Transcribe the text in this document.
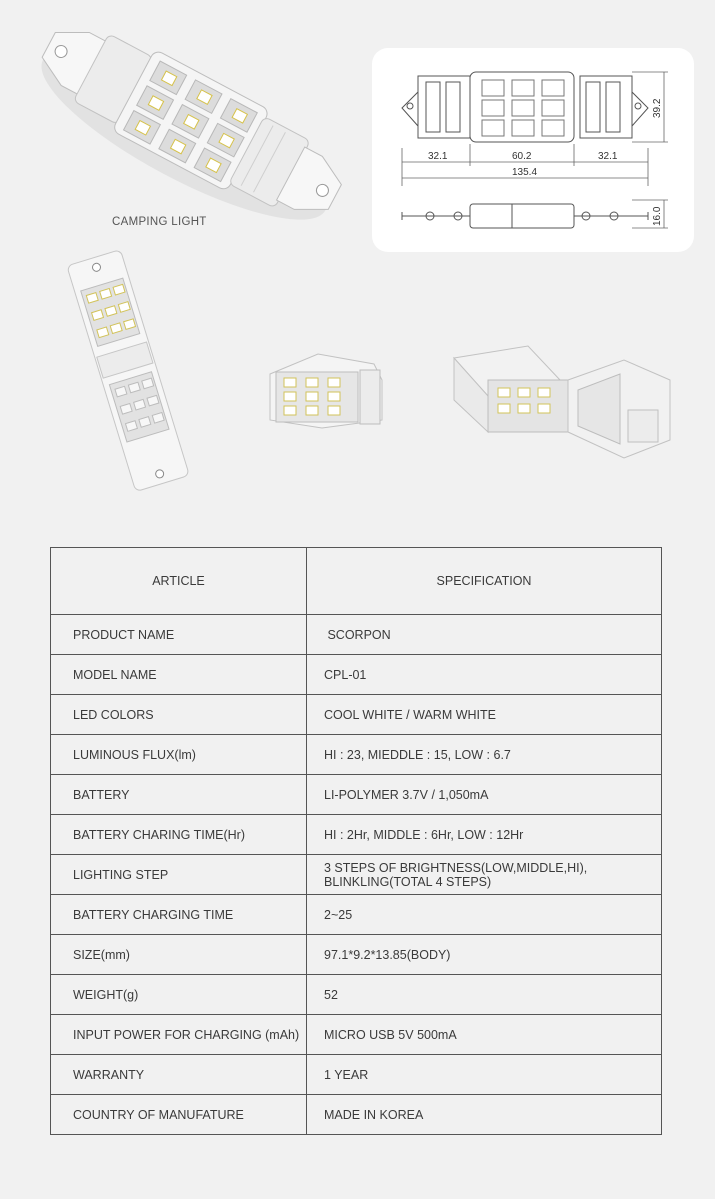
CAMPING LIGHT
32.1	60.2	32.1
135.4
39.2
16.0
ARTICLE	SPECIFICATION
PRODUCT NAME	SCORPON
MODEL NAME	CPL-01
LED COLORS	COOL WHITE / WARM WHITE
LUMINOUS FLUX(lm)	HI : 23, MIEDDLE : 15, LOW : 6.7
BATTERY	LI-POLYMER 3.7V / 1,050mA
BATTERY CHARING TIME(Hr)	HI : 2Hr, MIDDLE : 6Hr, LOW : 12Hr
LIGHTING STEP	3 STEPS OF BRIGHTNESS(LOW,MIDDLE,HI),
BLINKLING(TOTAL 4 STEPS)

BATTERY CHARGING TIME	2~25
SIZE(mm)	97.1*9.2*13.85(BODY)
WEIGHT(g)	52
INPUT POWER FOR CHARGING (mAh)	MICRO USB 5V 500mA
WARRANTY	1 YEAR
COUNTRY OF MANUFATURE	MADE IN KOREA
